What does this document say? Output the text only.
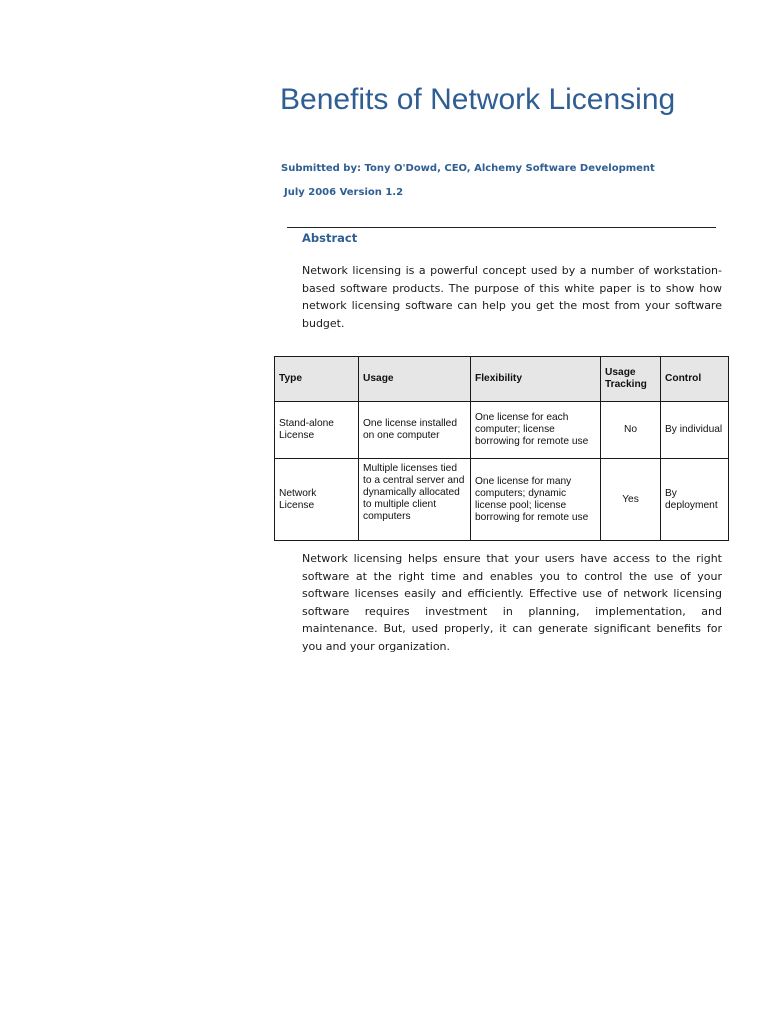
Benefits of Network Licensing
Submitted by: Tony O'Dowd, CEO, Alchemy Software Development
July 2006 Version 1.2
Abstract

Network licensing is a powerful concept used by a number of workstation-based software products. The purpose of this white paper is to show how network licensing software can help you get the most from your software budget.

Type	Usage	Flexibility	Usage Tracking	Control
Stand-alone License	One license installed on one computer	One license for each computer; license borrowing for remote use	No	By individual
Network License	Multiple licenses tied to a central server and dynamically allocated to multiple client computers	One license for many computers; dynamic license pool; license borrowing for remote use	Yes	By deployment

Network licensing helps ensure that your users have access to the right software at the right time and enables you to control the use of your software licenses easily and efficiently. Effective use of network licensing software requires investment in planning, implementation, and maintenance. But, used properly, it can generate significant benefits for you and your organization.
